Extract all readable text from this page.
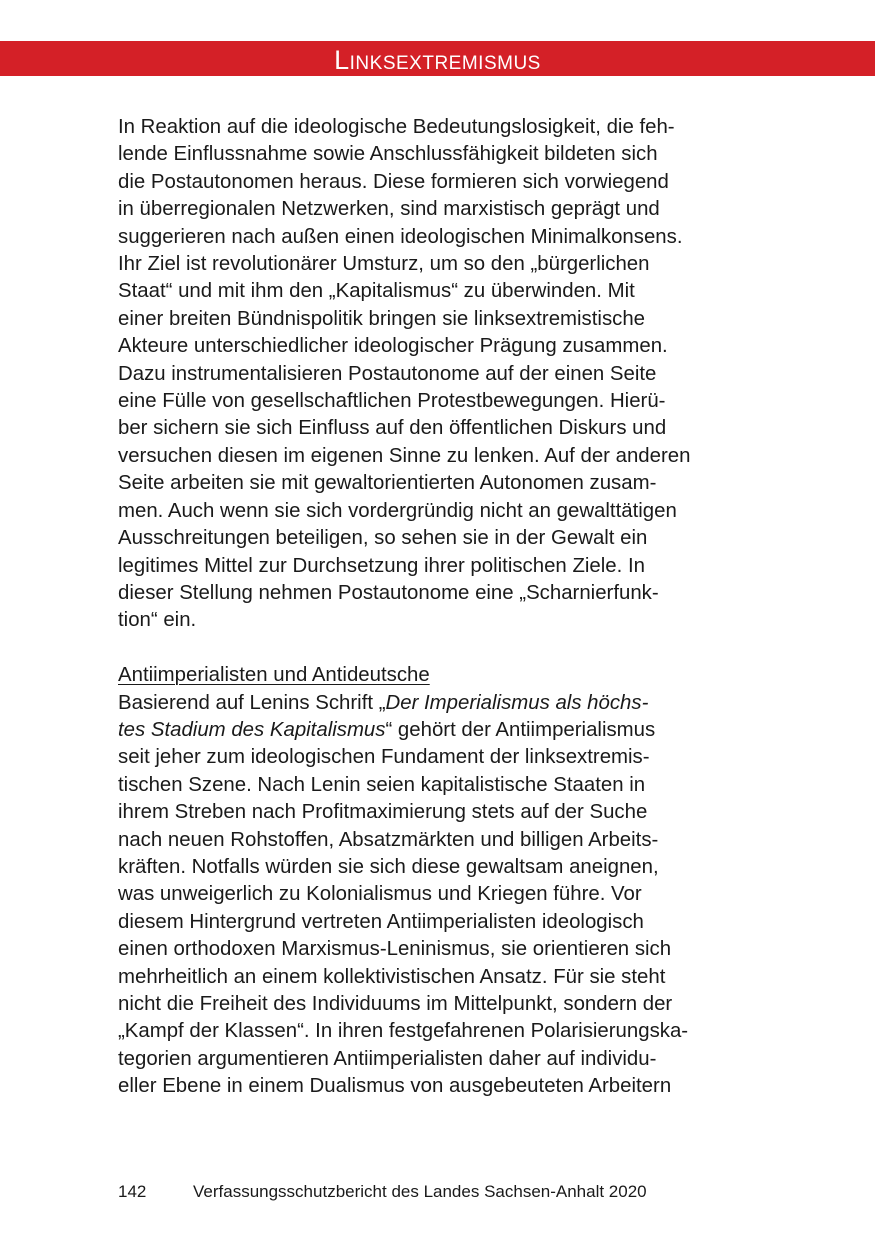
Linksextremismus
In Reaktion auf die ideologische Bedeutungslosigkeit, die feh-
lende Einflussnahme sowie Anschlussfähigkeit bildeten sich
die Postautonomen heraus. Diese formieren sich vorwiegend
in überregionalen Netzwerken, sind marxistisch geprägt und
suggerieren nach außen einen ideologischen Minimalkonsens.
Ihr Ziel ist revolutionärer Umsturz, um so den „bürgerlichen
Staat“ und mit ihm den „Kapitalismus“ zu überwinden. Mit
einer breiten Bündnispolitik bringen sie linksextremistische
Akteure unterschiedlicher ideologischer Prägung zusammen.
Dazu instrumentalisieren Postautonome auf der einen Seite
eine Fülle von gesellschaftlichen Protestbewegungen. Hierü-
ber sichern sie sich Einfluss auf den öffentlichen Diskurs und
versuchen diesen im eigenen Sinne zu lenken. Auf der anderen
Seite arbeiten sie mit gewaltorientierten Autonomen zusam-
men. Auch wenn sie sich vordergründig nicht an gewalttätigen
Ausschreitungen beteiligen, so sehen sie in der Gewalt ein
legitimes Mittel zur Durchsetzung ihrer politischen Ziele. In
dieser Stellung nehmen Postautonome eine „Scharnierfunk-
tion“ ein.
Antiimperialisten und Antideutsche
Basierend auf Lenins Schrift „Der Imperialismus als höchs-
tes Stadium des Kapitalismus“ gehört der Antiimperialismus
seit jeher zum ideologischen Fundament der linksextremis-
tischen Szene. Nach Lenin seien kapitalistische Staaten in
ihrem Streben nach Profitmaximierung stets auf der Suche
nach neuen Rohstoffen, Absatzmärkten und billigen Arbeits-
kräften. Notfalls würden sie sich diese gewaltsam aneignen,
was unweigerlich zu Kolonialismus und Kriegen führe. Vor
diesem Hintergrund vertreten Antiimperialisten ideologisch
einen orthodoxen Marxismus-Leninismus, sie orientieren sich
mehrheitlich an einem kollektivistischen Ansatz. Für sie steht
nicht die Freiheit des Individuums im Mittelpunkt, sondern der
„Kampf der Klassen“. In ihren festgefahrenen Polarisierungska-
tegorien argumentieren Antiimperialisten daher auf individu-
eller Ebene in einem Dualismus von ausgebeuteten Arbeitern
142	Verfassungsschutzbericht des Landes Sachsen-Anhalt 2020
